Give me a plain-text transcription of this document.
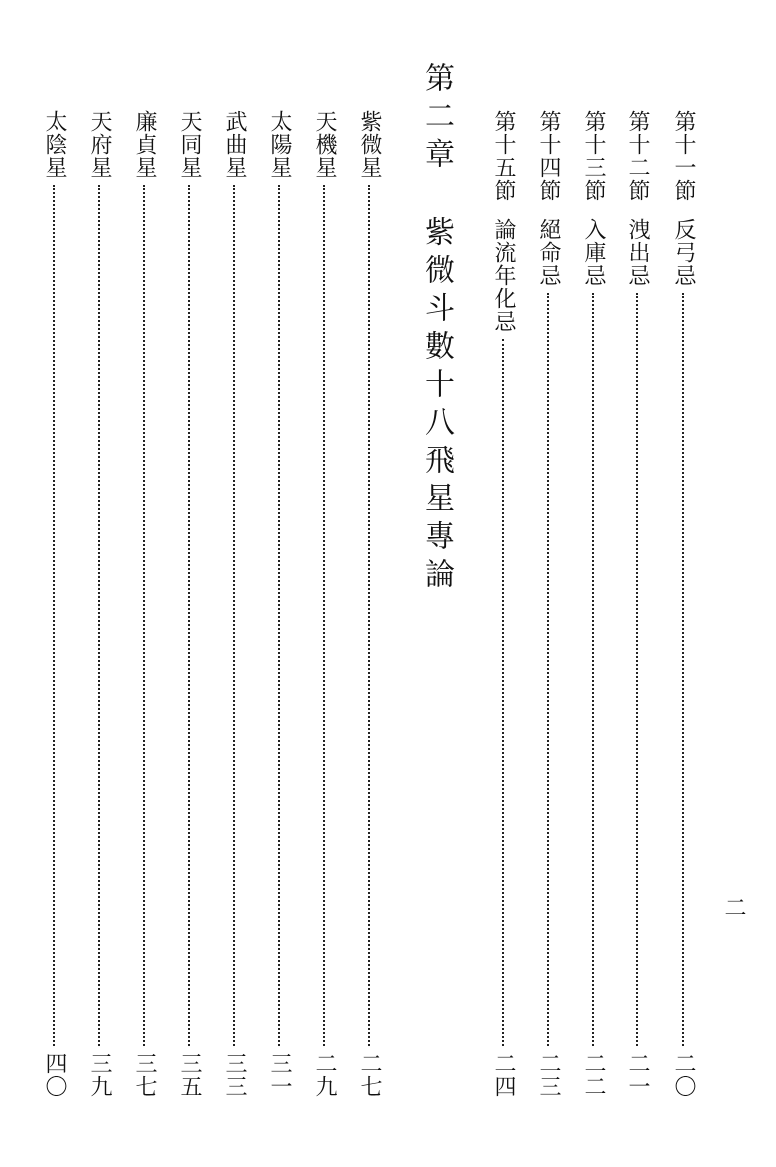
第十一節反弓忌
二〇
第十二節洩出忌
二一
第十三節入庫忌
二二
第十四節絕命忌
二三
第十五節論流年化忌
二四
第二章
紫微斗數十八飛星專論
紫微星
二七
天機星
二九
太陽星
三一
武曲星
三三
天同星
三五
廉貞星
三七
天府星
三九
太陰星
四〇
二
